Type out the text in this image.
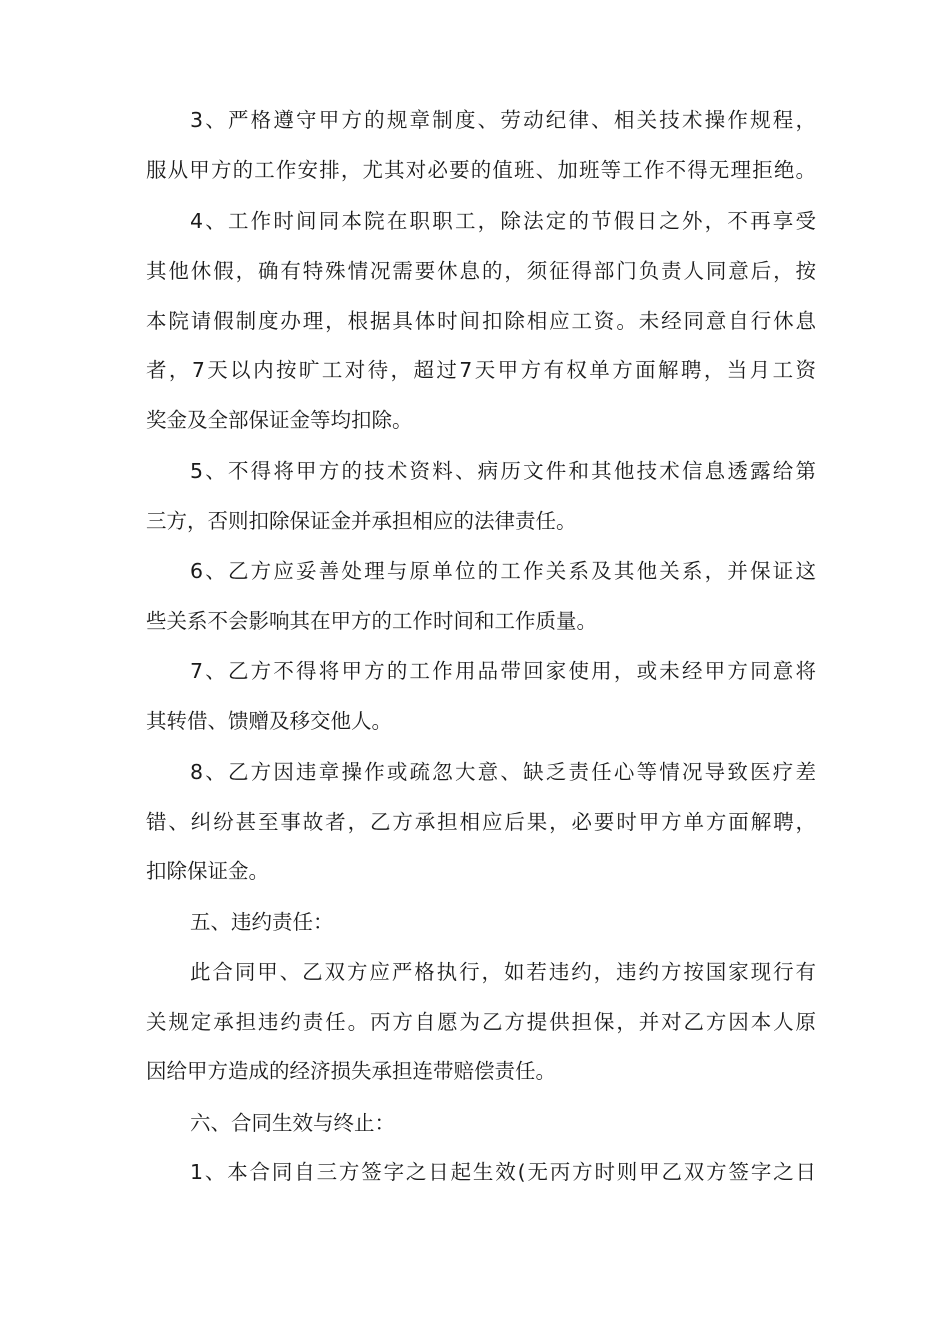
3、严格遵守甲方的规章制度、劳动纪律、相关技术操作规程，
服从甲方的工作安排，尤其对必要的值班、加班等工作不得无理拒绝。
4、工作时间同本院在职职工，除法定的节假日之外，不再享受
其他休假，确有特殊情况需要休息的，须征得部门负责人同意后，按
本院请假制度办理，根据具体时间扣除相应工资。未经同意自行休息
者，7天以内按旷工对待，超过7天甲方有权单方面解聘，当月工资
奖金及全部保证金等均扣除。
5、不得将甲方的技术资料、病历文件和其他技术信息透露给第
三方，否则扣除保证金并承担相应的法律责任。
6、乙方应妥善处理与原单位的工作关系及其他关系，并保证这
些关系不会影响其在甲方的工作时间和工作质量。
7、乙方不得将甲方的工作用品带回家使用，或未经甲方同意将
其转借、馈赠及移交他人。
8、乙方因违章操作或疏忽大意、缺乏责任心等情况导致医疗差
错、纠纷甚至事故者，乙方承担相应后果，必要时甲方单方面解聘，
扣除保证金。
五、违约责任：
此合同甲、乙双方应严格执行，如若违约，违约方按国家现行有
关规定承担违约责任。丙方自愿为乙方提供担保，并对乙方因本人原
因给甲方造成的经济损失承担连带赔偿责任。
六、合同生效与终止：
1、本合同自三方签字之日起生效(无丙方时则甲乙双方签字之日
